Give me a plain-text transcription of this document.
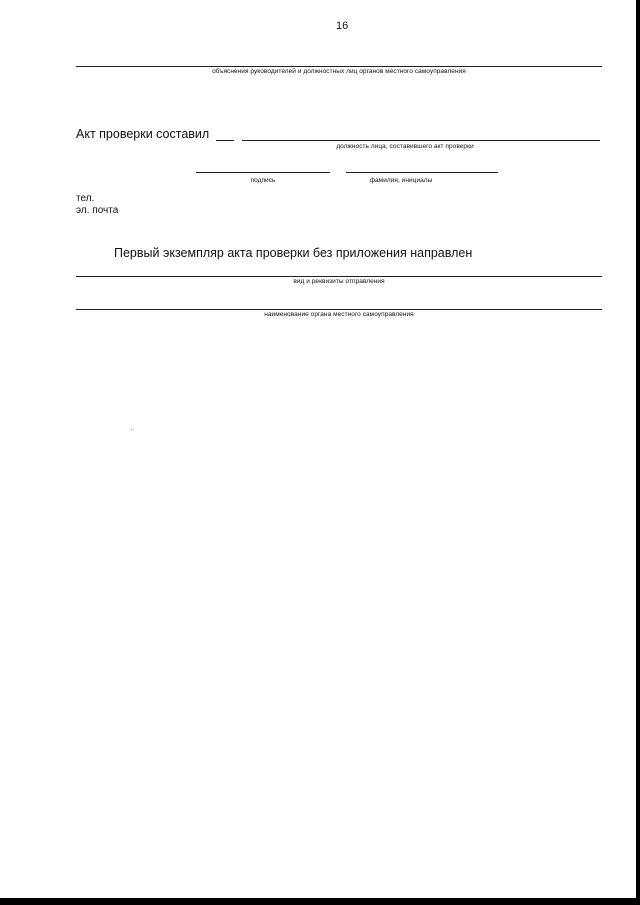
16
объяснения руководителей и должностных лиц органов местного самоуправления
Акт проверки составил
должность лица, составившего акт проверки
подпись	фамилия, инициалы
тел.
эл. почта
Первый экземпляр акта проверки без приложения направлен
вид и реквизиты отправления
наименование органа местного самоуправления
